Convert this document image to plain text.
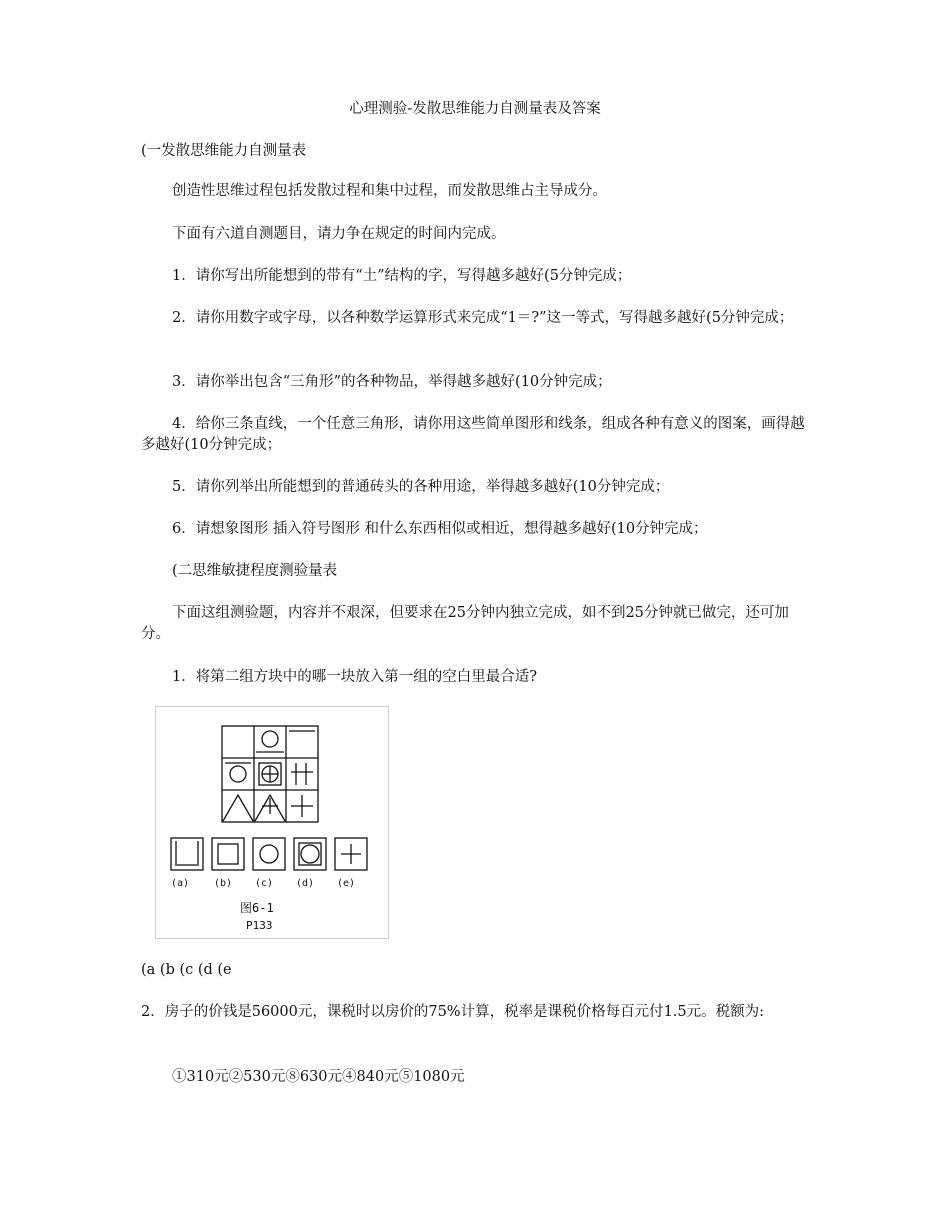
心理测验-发散思维能力自测量表及答案
(一发散思维能力自测量表
创造性思维过程包括发散过程和集中过程，而发散思维占主导成分。
下面有六道自测题目，请力争在规定的时间内完成。
1．请你写出所能想到的带有“土”结构的字，写得越多越好(5分钟完成；
2．请你用数字或字母，以各种数学运算形式来完成“1＝?”这一等式，写得越多越好(5分钟完成；
3．请你举出包含“三角形”的各种物品，举得越多越好(10分钟完成；
4．给你三条直线，一个任意三角形，请你用这些简单图形和线条，组成各种有意义的图案，画得越多越好(10分钟完成；
5．请你列举出所能想到的普通砖头的各种用途，举得越多越好(10分钟完成；
6．请想象图形 插入符号图形 和什么东西相似或相近，想得越多越好(10分钟完成；
(二思维敏捷程度测验量表
下面这组测验题，内容并不艰深，但要求在25分钟内独立完成，如不到25分钟就已做完，还可加分。
1．将第二组方块中的哪一块放入第一组的空白里最合适?
(a) (b) (c) (d) (e)
图6-1
P133
(a (b (c (d (e
2．房子的价钱是56000元，课税时以房价的75%计算，税率是课税价格每百元付1.5元。税额为:
①310元②530元⑧630元④840元⑤1080元
